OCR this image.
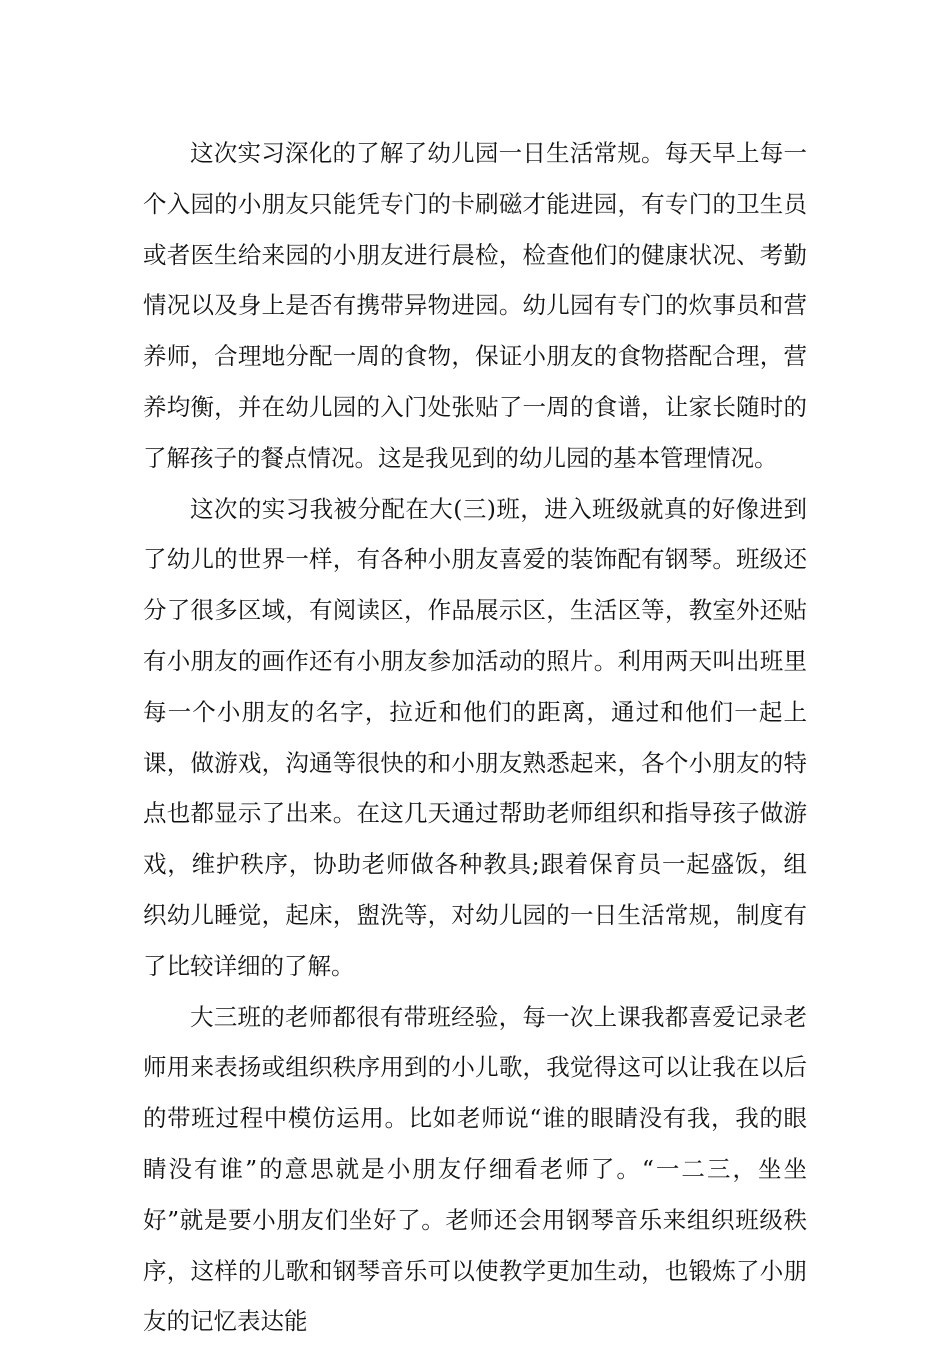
这次实习深化的了解了幼儿园一日生活常规。每天早上每一个入园的小朋友只能凭专门的卡刷磁才能进园，有专门的卫生员或者医生给来园的小朋友进行晨检，检查他们的健康状况、考勤情况以及身上是否有携带异物进园。幼儿园有专门的炊事员和营养师，合理地分配一周的食物，保证小朋友的食物搭配合理，营养均衡，并在幼儿园的入门处张贴了一周的食谱，让家长随时的了解孩子的餐点情况。这是我见到的幼儿园的基本管理情况。

这次的实习我被分配在大(三)班，进入班级就真的好像进到了幼儿的世界一样，有各种小朋友喜爱的装饰配有钢琴。班级还分了很多区域，有阅读区，作品展示区，生活区等，教室外还贴有小朋友的画作还有小朋友参加活动的照片。利用两天叫出班里每一个小朋友的名字，拉近和他们的距离，通过和他们一起上课，做游戏，沟通等很快的和小朋友熟悉起来，各个小朋友的特点也都显示了出来。在这几天通过帮助老师组织和指导孩子做游戏，维护秩序，协助老师做各种教具;跟着保育员一起盛饭，组织幼儿睡觉，起床，盥洗等，对幼儿园的一日生活常规，制度有了比较详细的了解。

大三班的老师都很有带班经验，每一次上课我都喜爱记录老师用来表扬或组织秩序用到的小儿歌，我觉得这可以让我在以后的带班过程中模仿运用。比如老师说“谁的眼睛没有我，我的眼睛没有谁”的意思就是小朋友仔细看老师了。“一二三，坐坐好”就是要小朋友们坐好了。老师还会用钢琴音乐来组织班级秩序，这样的儿歌和钢琴音乐可以使教学更加生动，也锻炼了小朋友的记忆表达能
